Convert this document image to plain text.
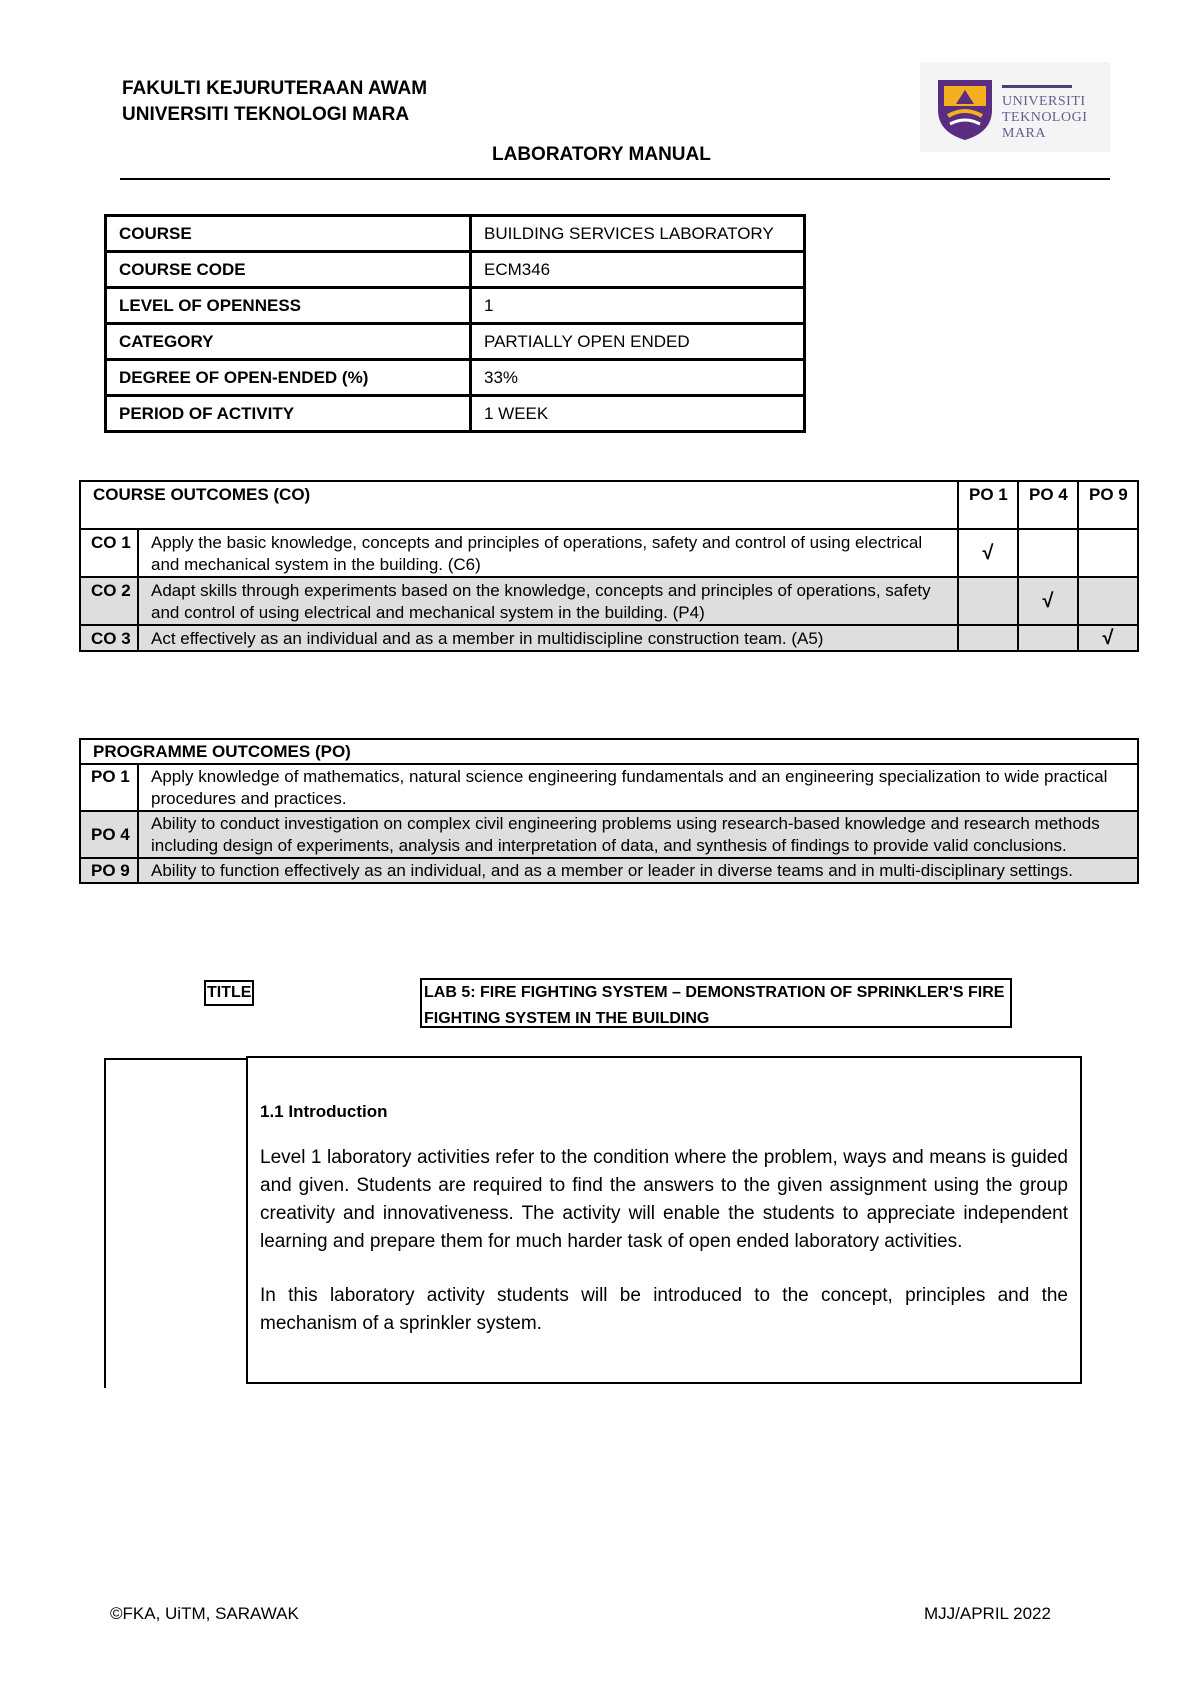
FAKULTI KEJURUTERAAN AWAM
UNIVERSITI TEKNOLOGI MARA
▬▬▬▬▬▬▬
UNIVERSITI
TEKNOLOGI
MARA
LABORATORY MANUAL
COURSE	BUILDING SERVICES LABORATORY
COURSE CODE	ECM346
LEVEL OF OPENNESS	1
CATEGORY	PARTIALLY OPEN ENDED
DEGREE OF OPEN-ENDED (%)	33%
PERIOD OF ACTIVITY	1 WEEK
COURSE OUTCOMES (CO)		PO 1	PO 4	PO 9
CO 1	Apply the basic knowledge, concepts and principles of operations, safety and control of using electrical and mechanical system in the building. (C6)	√		
CO 2	Adapt skills through experiments based on the knowledge, concepts and principles of operations, safety and control of using electrical and mechanical system in the building. (P4)		√	
CO 3	Act effectively as an individual and as a member in multidiscipline construction team. (A5)			√
PROGRAMME OUTCOMES (PO)	
PO 1	Apply knowledge of mathematics, natural science engineering fundamentals and an engineering specialization to wide practical procedures and practices.
PO 4	Ability to conduct investigation on complex civil engineering problems using research-based knowledge and research methods including design of experiments, analysis and interpretation of data, and synthesis of findings to provide valid conclusions.
PO 9	Ability to function effectively as an individual, and as a member or leader in diverse teams and in multi-disciplinary settings.
TITLE	LAB 5: FIRE FIGHTING SYSTEM – DEMONSTRATION OF SPRINKLER'S FIRE FIGHTING SYSTEM IN THE BUILDING
1.1 Introduction

Level 1 laboratory activities refer to the condition where the problem, ways and means is guided and given. Students are required to find the answers to the given assignment using the group creativity and innovativeness. The activity will enable the students to appreciate independent learning and prepare them for much harder task of open ended laboratory activities.

In this laboratory activity students will be introduced to the concept, principles and the mechanism of a sprinkler system.

©FKA, UiTM, SARAWAK	MJJ/APRIL 2022
